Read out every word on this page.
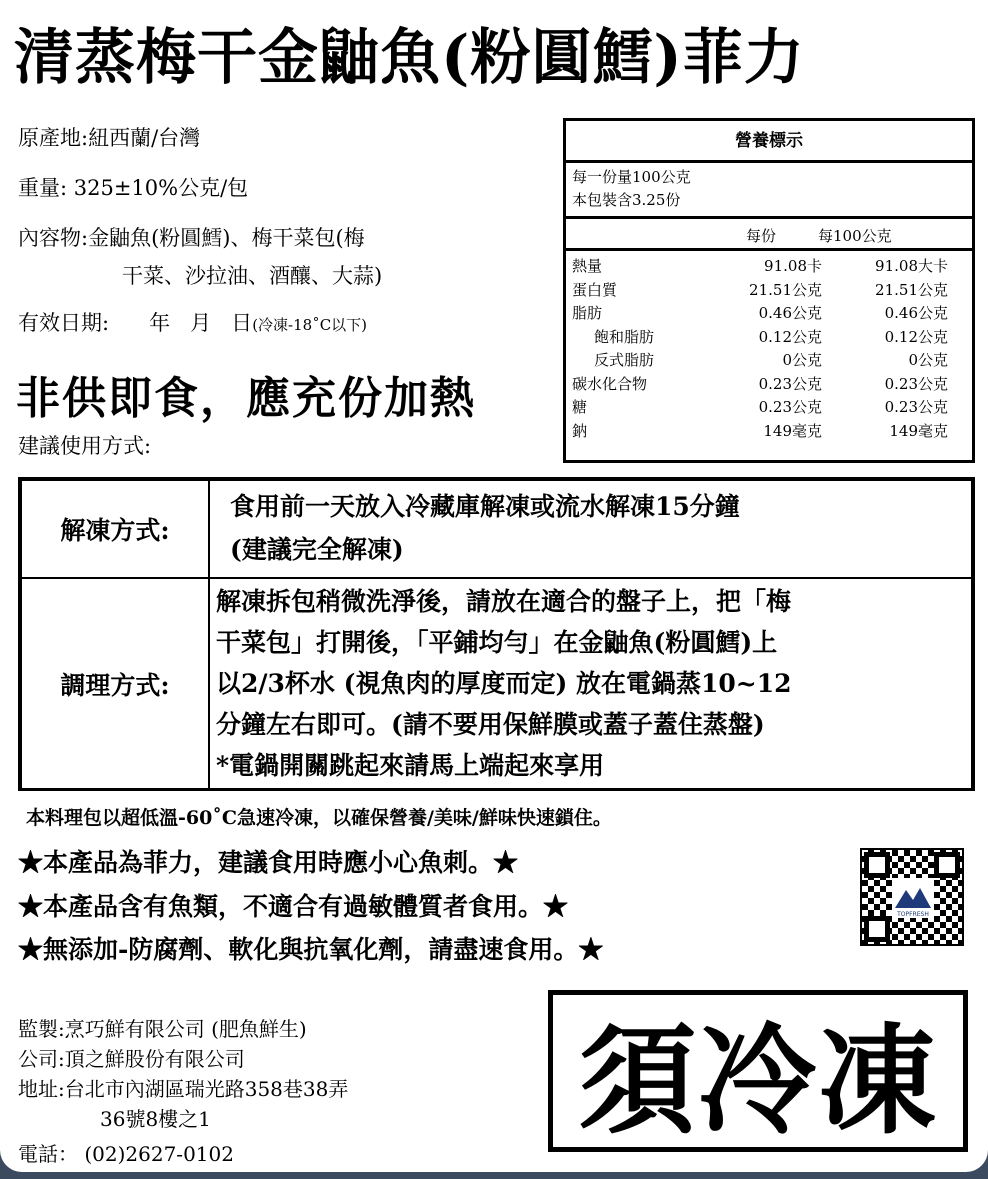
清蒸梅干金鼬魚(粉圓鱈)菲力
原產地:紐西蘭/台灣
重量: 325±10%公克/包
內容物:金鼬魚(粉圓鱈)、梅干菜包(梅
干菜、沙拉油、酒釀、大蒜)
有效日期:      年   月   日(冷凍-18˚C以下)
營養標示
每一份量100公克
本包裝含3.25份
每份	每100公克
熱量	91.08卡	91.08大卡
蛋白質	21.51公克	21.51公克
脂肪	0.46公克	0.46公克
飽和脂肪	0.12公克	0.12公克
反式脂肪	0公克	0公克
碳水化合物	0.23公克	0.23公克
糖	0.23公克	0.23公克
鈉	149毫克	149毫克
非供即食，應充份加熱
建議使用方式:
解凍方式:
食用前一天放入冷藏庫解凍或流水解凍15分鐘
(建議完全解凍)
調理方式:
解凍拆包稍微洗淨後，請放在適合的盤子上，把「梅
干菜包」打開後，「平鋪均勻」在金鼬魚(粉圓鱈)上
以2/3杯水 (視魚肉的厚度而定) 放在電鍋蒸10~12
分鐘左右即可。(請不要用保鮮膜或蓋子蓋住蒸盤)
*電鍋開關跳起來請馬上端起來享用
本料理包以超低溫-60˚C急速冷凍，以確保營養/美味/鮮味快速鎖住。
★本產品為菲力，建議食用時應小心魚刺。★
★本產品含有魚類，不適合有過敏體質者食用。★
★無添加-防腐劑、軟化與抗氧化劑，請盡速食用。★
TOPFRESH
監製:烹巧鮮有限公司 (肥魚鮮生)
公司:頂之鮮股份有限公司
地址:台北市內湖區瑞光路358巷38弄
36號8樓之1
電話： (02)2627-0102
須冷凍
